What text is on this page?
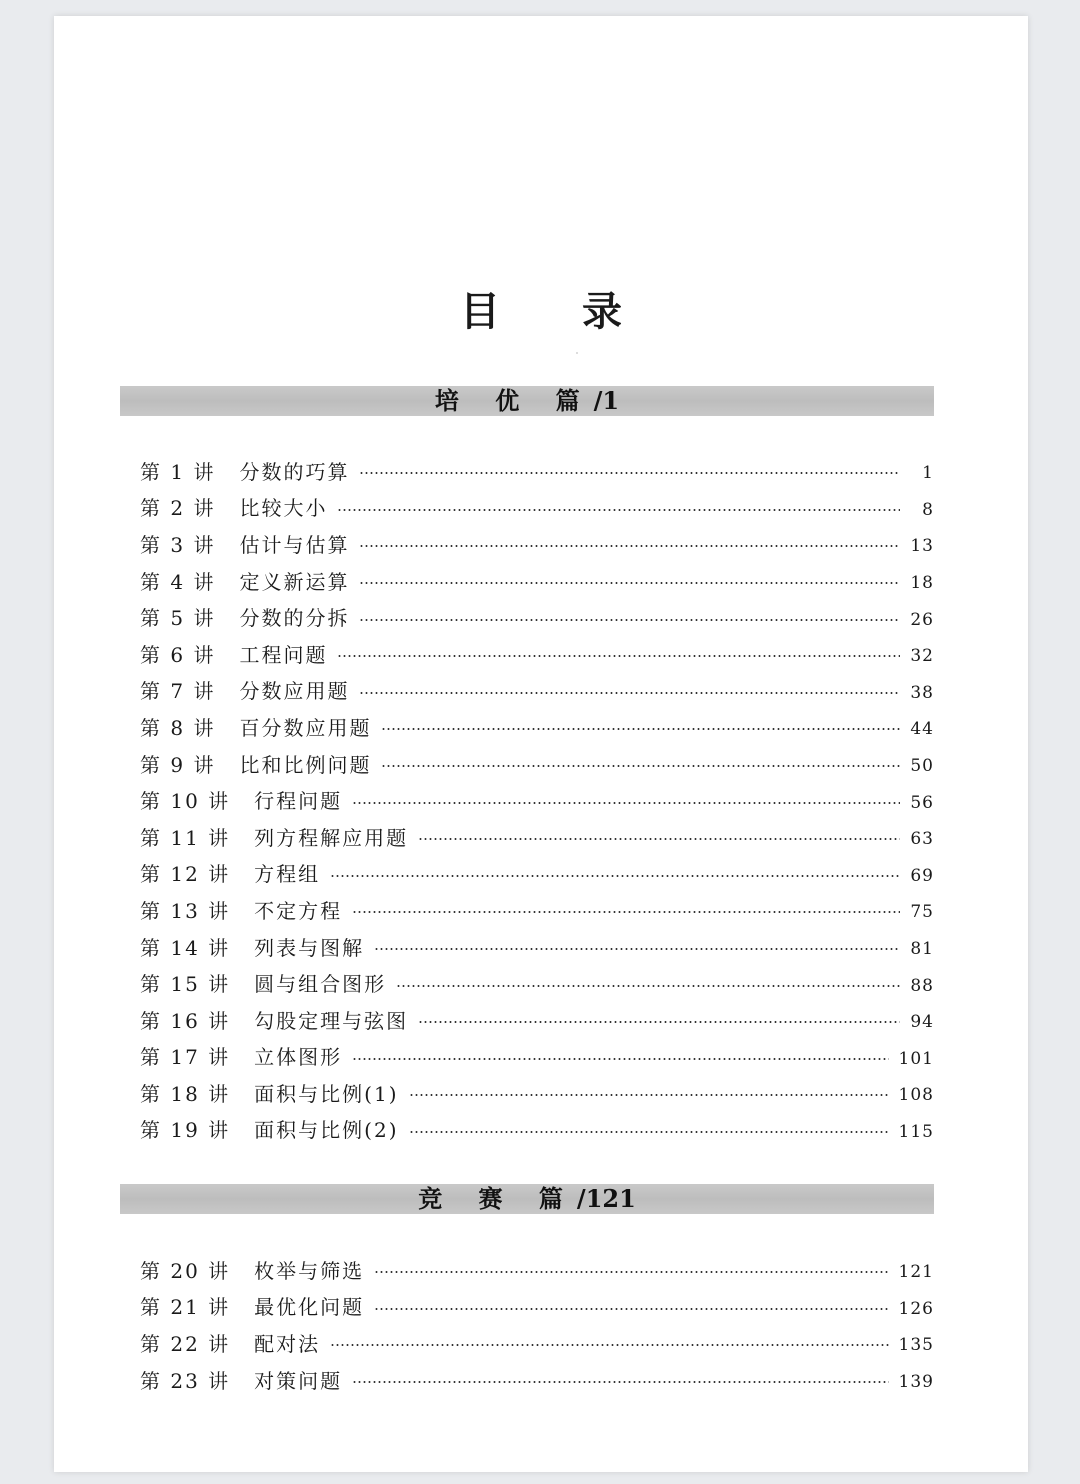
目 录
培 优 篇/1
第 1 讲 分数的巧算	1
第 2 讲 比较大小	8
第 3 讲 估计与估算	13
第 4 讲 定义新运算	18
第 5 讲 分数的分拆	26
第 6 讲 工程问题	32
第 7 讲 分数应用题	38
第 8 讲 百分数应用题	44
第 9 讲 比和比例问题	50
第 10 讲 行程问题	56
第 11 讲 列方程解应用题	63
第 12 讲 方程组	69
第 13 讲 不定方程	75
第 14 讲 列表与图解	81
第 15 讲 圆与组合图形	88
第 16 讲 勾股定理与弦图	94
第 17 讲 立体图形	101
第 18 讲 面积与比例(1)	108
第 19 讲 面积与比例(2)	115
竞 赛 篇/121
第 20 讲 枚举与筛选	121
第 21 讲 最优化问题	126
第 22 讲 配对法	135
第 23 讲 对策问题	139
